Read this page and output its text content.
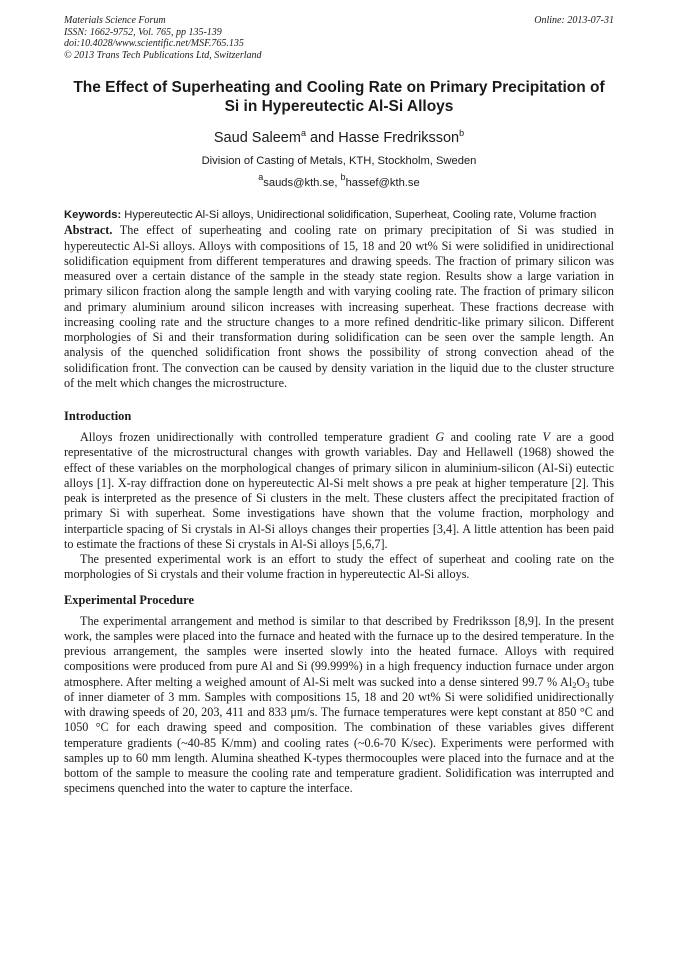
Materials Science Forum
ISSN: 1662-9752, Vol. 765, pp 135-139
doi:10.4028/www.scientific.net/MSF.765.135
© 2013 Trans Tech Publications Ltd, Switzerland
Online: 2013-07-31
The Effect of Superheating and Cooling Rate on Primary Precipitation of Si in Hypereutectic Al-Si Alloys
Saud Saleem$^a$ and Hasse Fredriksson$^b$
Division of Casting of Metals, KTH, Stockholm, Sweden
$^a$sauds@kth.se, $^b$hassef@kth.se
Keywords: Hypereutectic Al-Si alloys, Unidirectional solidification, Superheat, Cooling rate, Volume fraction

Abstract. The effect of superheating and cooling rate on primary precipitation of Si was studied in hypereutectic Al-Si alloys. Alloys with compositions of 15, 18 and 20 wt% Si were solidified in unidirectional solidification equipment from different temperatures and drawing speeds. The fraction of primary silicon was measured over a certain distance of the sample in the steady state region. Results show a large variation in primary silicon fraction along the sample length and with varying cooling rate. The fraction of primary silicon and primary aluminium around silicon increases with increasing superheat. These fractions decrease with increasing cooling rate and the structure changes to a more refined dendritic-like primary silicon. Different morphologies of Si and their transformation during solidification can be seen over the sample length. An analysis of the quenched solidification front shows the possibility of strong convection ahead of the solidification front. The convection can be caused by density variation in the liquid due to the cluster structure of the melt which changes the microstructure.

Introduction

Alloys frozen unidirectionally with controlled temperature gradient G and cooling rate V are a good representative of the microstructural changes with growth variables. Day and Hellawell (1968) showed the effect of these variables on the morphological changes of primary silicon in aluminium-silicon (Al-Si) eutectic alloys [1]. X-ray diffraction done on hypereutectic Al-Si melt shows a pre peak at higher temperature [2]. This peak is interpreted as the presence of Si clusters in the melt. These clusters affect the precipitated fraction of primary Si with superheat. Some investigations have shown that the volume fraction, morphology and interparticle spacing of Si crystals in Al-Si alloys changes their properties [3,4]. A little attention has been paid to estimate the fractions of these Si crystals in Al-Si alloys [5,6,7].

The presented experimental work is an effort to study the effect of superheat and cooling rate on the morphologies of Si crystals and their volume fraction in hypereutectic Al-Si alloys.

Experimental Procedure

The experimental arrangement and method is similar to that described by Fredriksson [8,9]. In the present work, the samples were placed into the furnace and heated with the furnace up to the desired temperature. In the previous arrangement, the samples were inserted slowly into the heated furnace. Alloys with required compositions were produced from pure Al and Si (99.999%) in a high frequency induction furnace under argon atmosphere. After melting a weighed amount of Al-Si melt was sucked into a dense sintered 99.7 % $Al_2O_3$ tube of inner diameter of 3 mm. Samples with compositions 15, 18 and 20 wt% Si were solidified unidirectionally with drawing speeds of 20, 203, 411 and 833 μm/s. The furnace temperatures were kept constant at 850 °C and 1050 °C for each drawing speed and composition. The combination of these variables gives different temperature gradients (~40-85 K/mm) and cooling rates (~0.6-70 K/sec). Experiments were performed with samples up to 60 mm length. Alumina sheathed K-types thermocouples were placed into the furnace and at the bottom of the sample to measure the cooling rate and temperature gradient. Solidification was interrupted and specimens quenched into the water to capture the interface.
